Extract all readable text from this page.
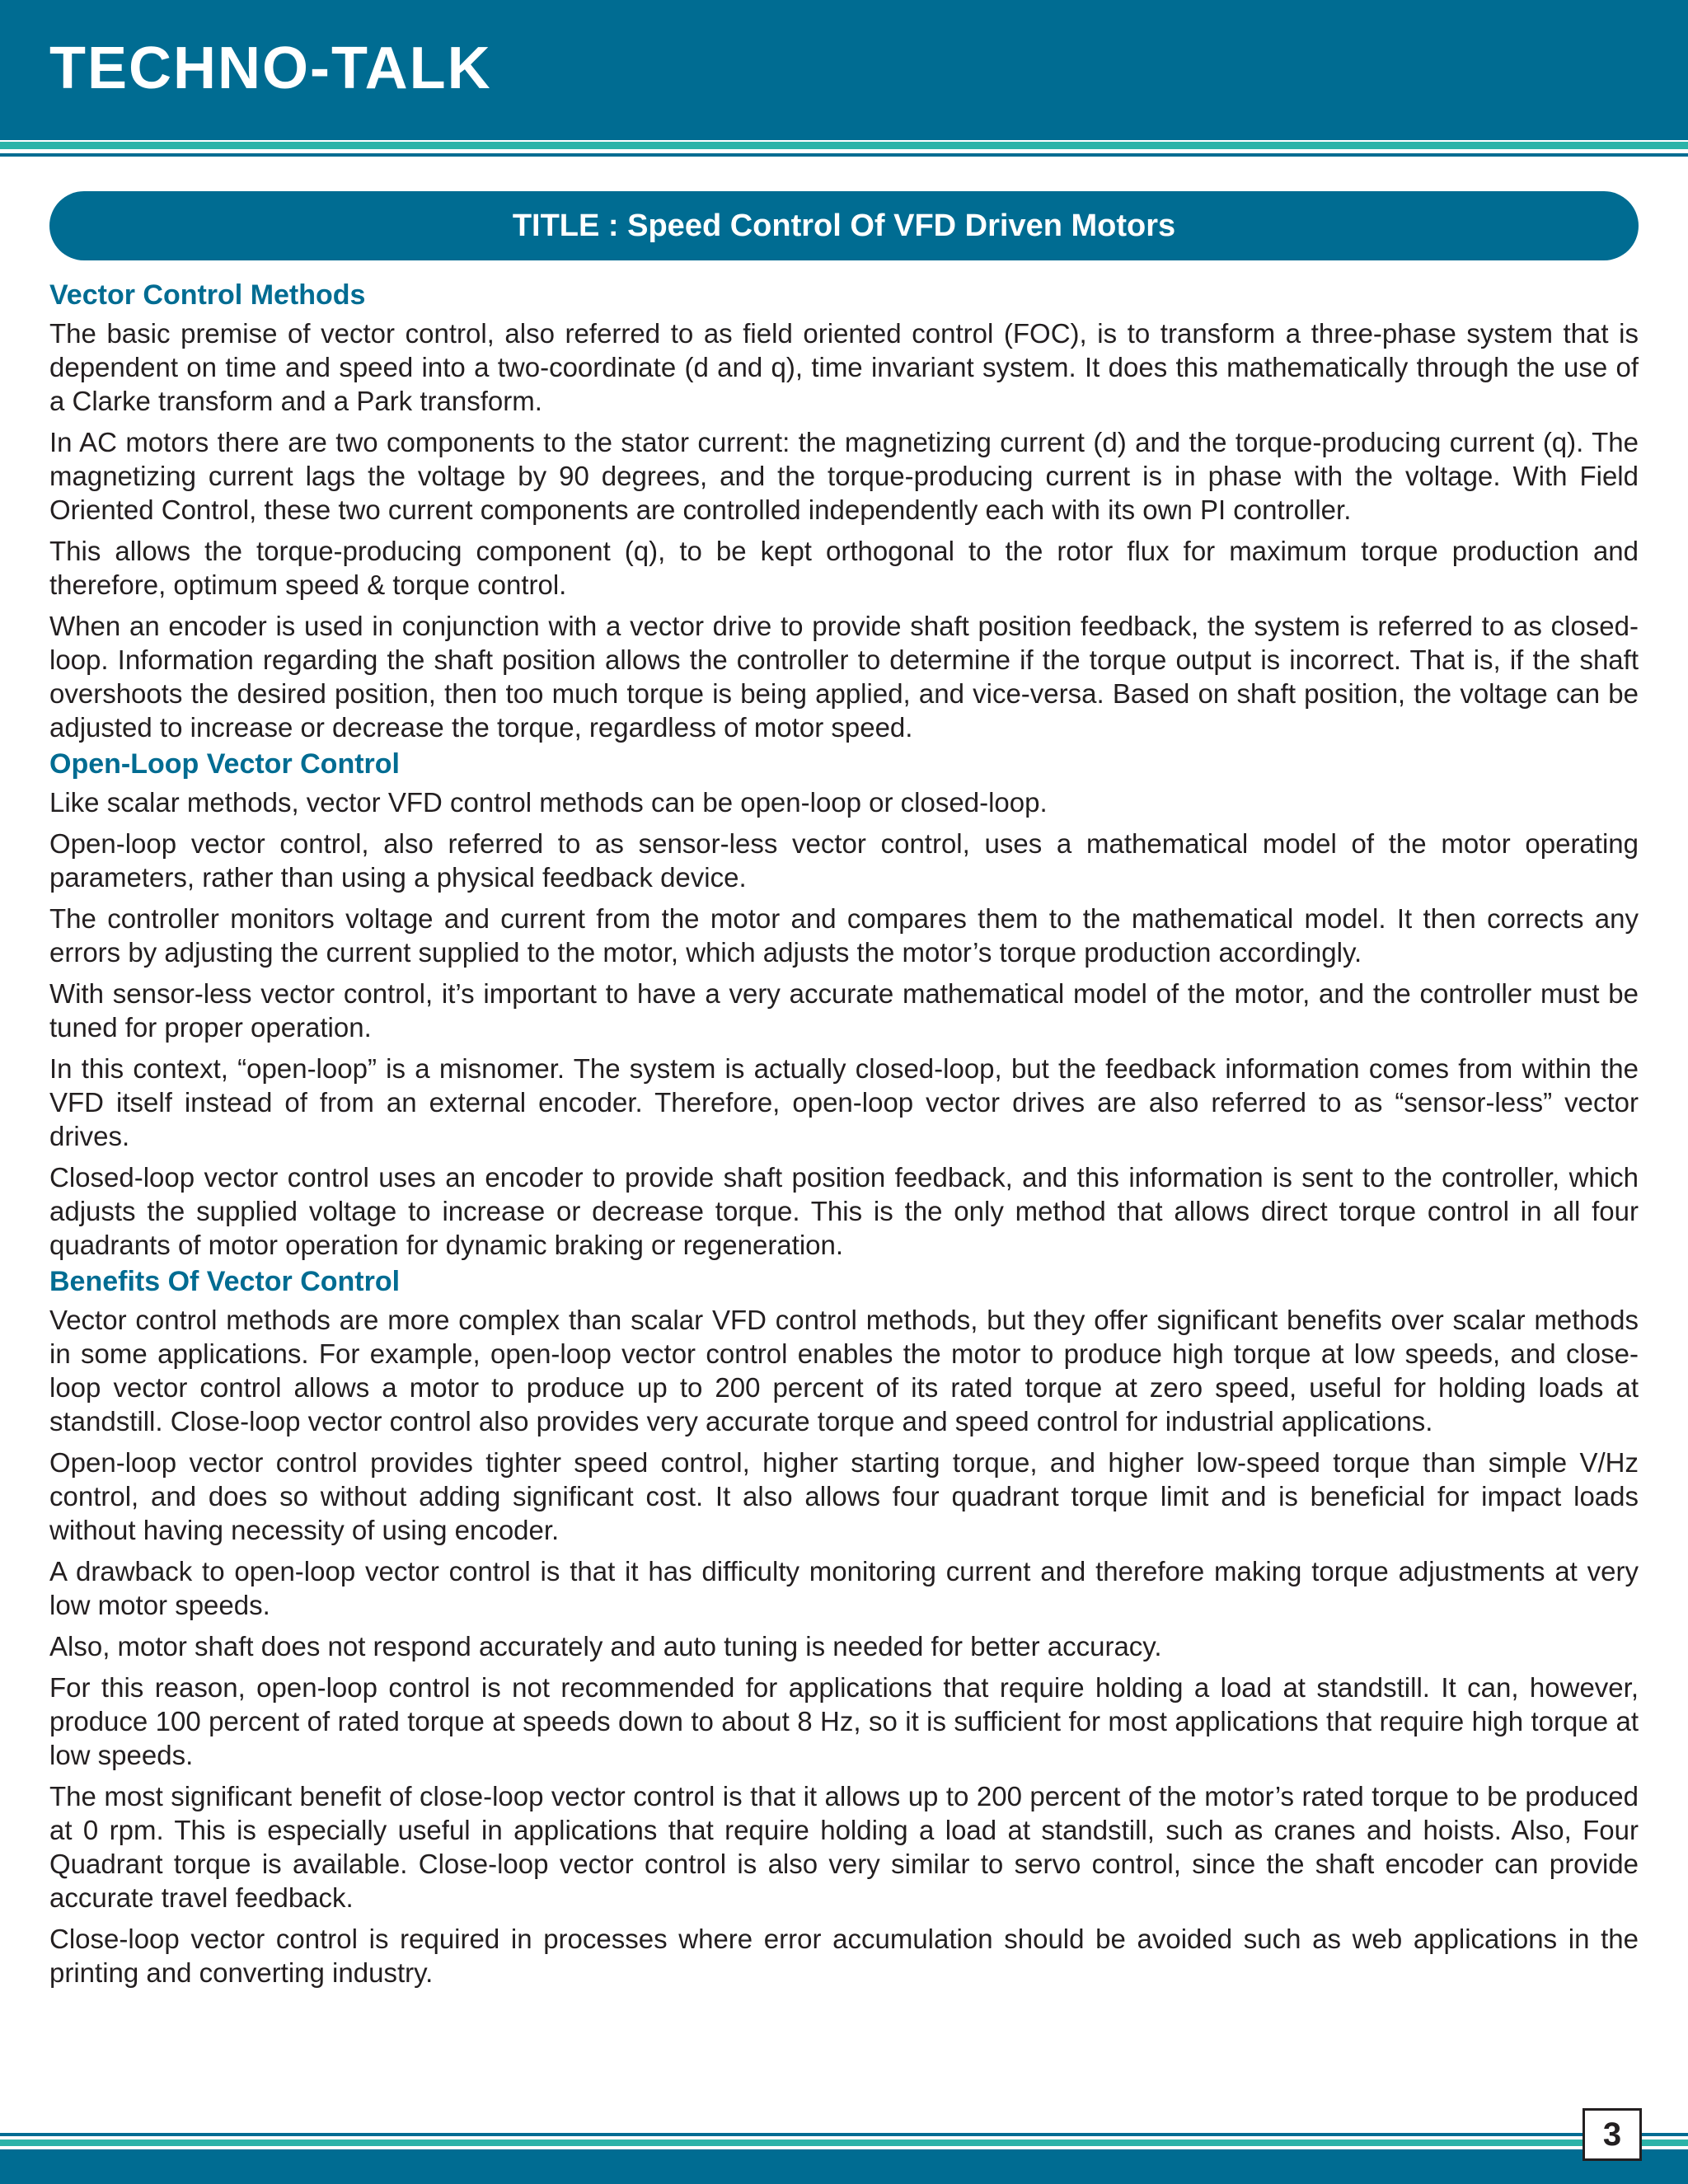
TECHNO-TALK
TITLE : Speed Control Of VFD Driven Motors
Vector Control Methods
The basic premise of vector control, also referred to as field oriented control (FOC), is to transform a three-phase system that is dependent on time and speed into a two-coordinate (d and q), time invariant system. It does this mathematically through the use of a Clarke transform and a Park transform.
In AC motors there are two components to the stator current: the magnetizing current (d) and the torque-producing current (q). The magnetizing current lags the voltage by 90 degrees, and the torque-producing current is in phase with the voltage. With Field Oriented Control, these two current components are controlled independently each with its own PI controller.
This allows the torque-producing component (q), to be kept orthogonal to the rotor flux for maximum torque production and therefore, optimum speed & torque control.
When an encoder is used in conjunction with a vector drive to provide shaft position feedback, the system is referred to as closed-loop. Information regarding the shaft position allows the controller to determine if the torque output is incorrect. That is, if the shaft overshoots the desired position, then too much torque is being applied, and vice-versa. Based on shaft position, the voltage can be adjusted to increase or decrease the torque, regardless of motor speed.
Open-Loop Vector Control
Like scalar methods, vector VFD control methods can be open-loop or closed-loop.
Open-loop vector control, also referred to as sensor-less vector control, uses a mathematical model of the motor operating parameters, rather than using a physical feedback device.
The controller monitors voltage and current from the motor and compares them to the mathematical model. It then corrects any errors by adjusting the current supplied to the motor, which adjusts the motor’s torque production accordingly.
With sensor-less vector control, it’s important to have a very accurate mathematical model of the motor, and the controller must be tuned for proper operation.
In this context, “open-loop” is a misnomer. The system is actually closed-loop, but the feedback information comes from within the VFD itself instead of from an external encoder. Therefore, open-loop vector drives are also referred to as “sensor-less” vector drives.
Closed-loop vector control uses an encoder to provide shaft position feedback, and this information is sent to the controller, which adjusts the supplied voltage to increase or decrease torque. This is the only method that allows direct torque control in all four quadrants of motor operation for dynamic braking or regeneration.
Benefits Of Vector Control
Vector control methods are more complex than scalar VFD control methods, but they offer significant benefits over scalar methods in some applications. For example, open-loop vector control enables the motor to produce high torque at low speeds, and close-loop vector control allows a motor to produce up to 200 percent of its rated torque at zero speed, useful for holding loads at standstill. Close-loop vector control also provides very accurate torque and speed control for industrial applications.
Open-loop vector control provides tighter speed control, higher starting torque, and higher low-speed torque than simple V/Hz control, and does so without adding significant cost. It also allows four quadrant torque limit and is beneficial for impact loads without having necessity of using encoder.
A drawback to open-loop vector control is that it has difficulty monitoring current and therefore making torque adjustments at very low motor speeds.
Also, motor shaft does not respond accurately and auto tuning is needed for better accuracy.
For this reason, open-loop control is not recommended for applications that require holding a load at standstill. It can, however, produce 100 percent of rated torque at speeds down to about 8 Hz, so it is sufficient for most applications that require high torque at low speeds.
The most significant benefit of close-loop vector control is that it allows up to 200 percent of the motor’s rated torque to be produced at 0 rpm. This is especially useful in applications that require holding a load at standstill, such as cranes and hoists. Also, Four Quadrant torque is available. Close-loop vector control is also very similar to servo control, since the shaft encoder can provide accurate travel feedback.
Close-loop vector control is required in processes where error accumulation should be avoided such as web applications in the printing and converting industry.
3
